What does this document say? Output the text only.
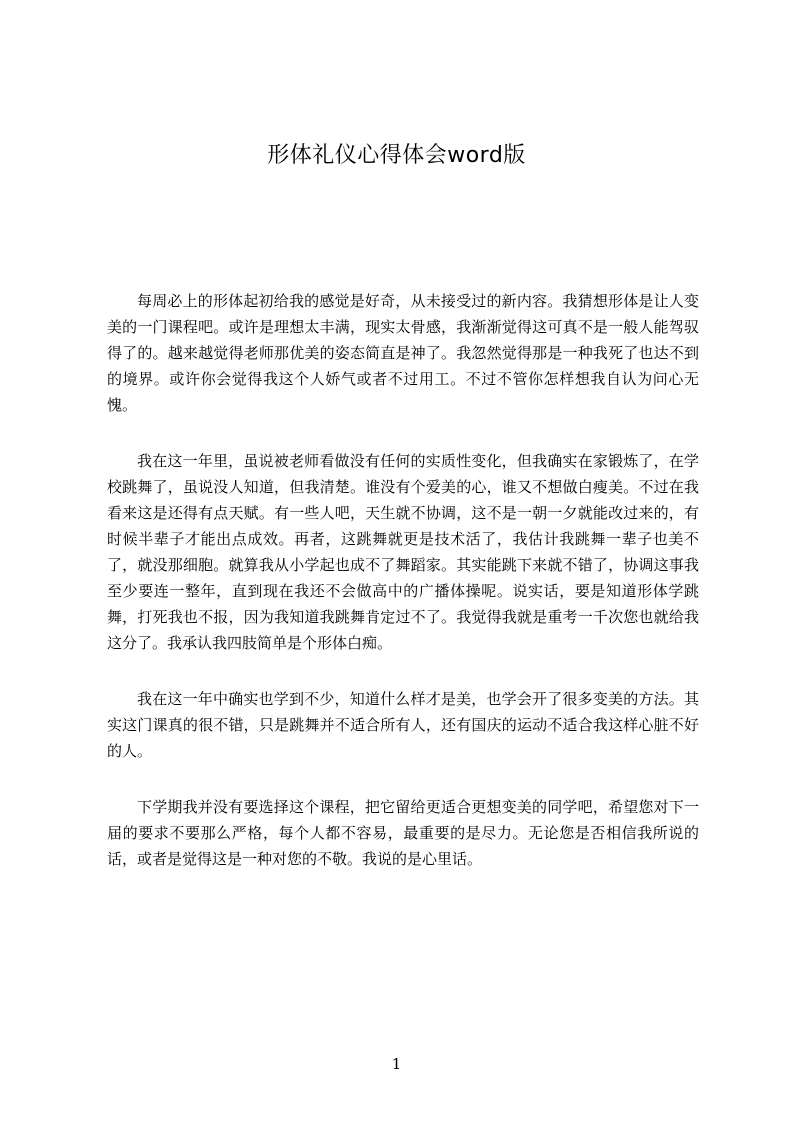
形体礼仪心得体会word版

每周必上的形体起初给我的感觉是好奇，从未接受过的新内容。我猜想形体是让人变美的一门课程吧。或许是理想太丰满，现实太骨感，我渐渐觉得这可真不是一般人能驾驭得了的。越来越觉得老师那优美的姿态简直是神了。我忽然觉得那是一种我死了也达不到的境界。或许你会觉得我这个人娇气或者不过用工。不过不管你怎样想我自认为问心无愧。

我在这一年里，虽说被老师看做没有任何的实质性变化，但我确实在家锻炼了，在学校跳舞了，虽说没人知道，但我清楚。谁没有个爱美的心，谁又不想做白瘦美。不过在我看来这是还得有点天赋。有一些人吧，天生就不协调，这不是一朝一夕就能改过来的，有时候半辈子才能出点成效。再者，这跳舞就更是技术活了，我估计我跳舞一辈子也美不了，就没那细胞。就算我从小学起也成不了舞蹈家。其实能跳下来就不错了，协调这事我至少要连一整年，直到现在我还不会做高中的广播体操呢。说实话，要是知道形体学跳舞，打死我也不报，因为我知道我跳舞肯定过不了。我觉得我就是重考一千次您也就给我这分了。我承认我四肢简单是个形体白痴。

我在这一年中确实也学到不少，知道什么样才是美，也学会开了很多变美的方法。其实这门课真的很不错，只是跳舞并不适合所有人，还有国庆的运动不适合我这样心脏不好的人。

下学期我并没有要选择这个课程，把它留给更适合更想变美的同学吧，希望您对下一届的要求不要那么严格，每个人都不容易，最重要的是尽力。无论您是否相信我所说的话，或者是觉得这是一种对您的不敬。我说的是心里话。

1
